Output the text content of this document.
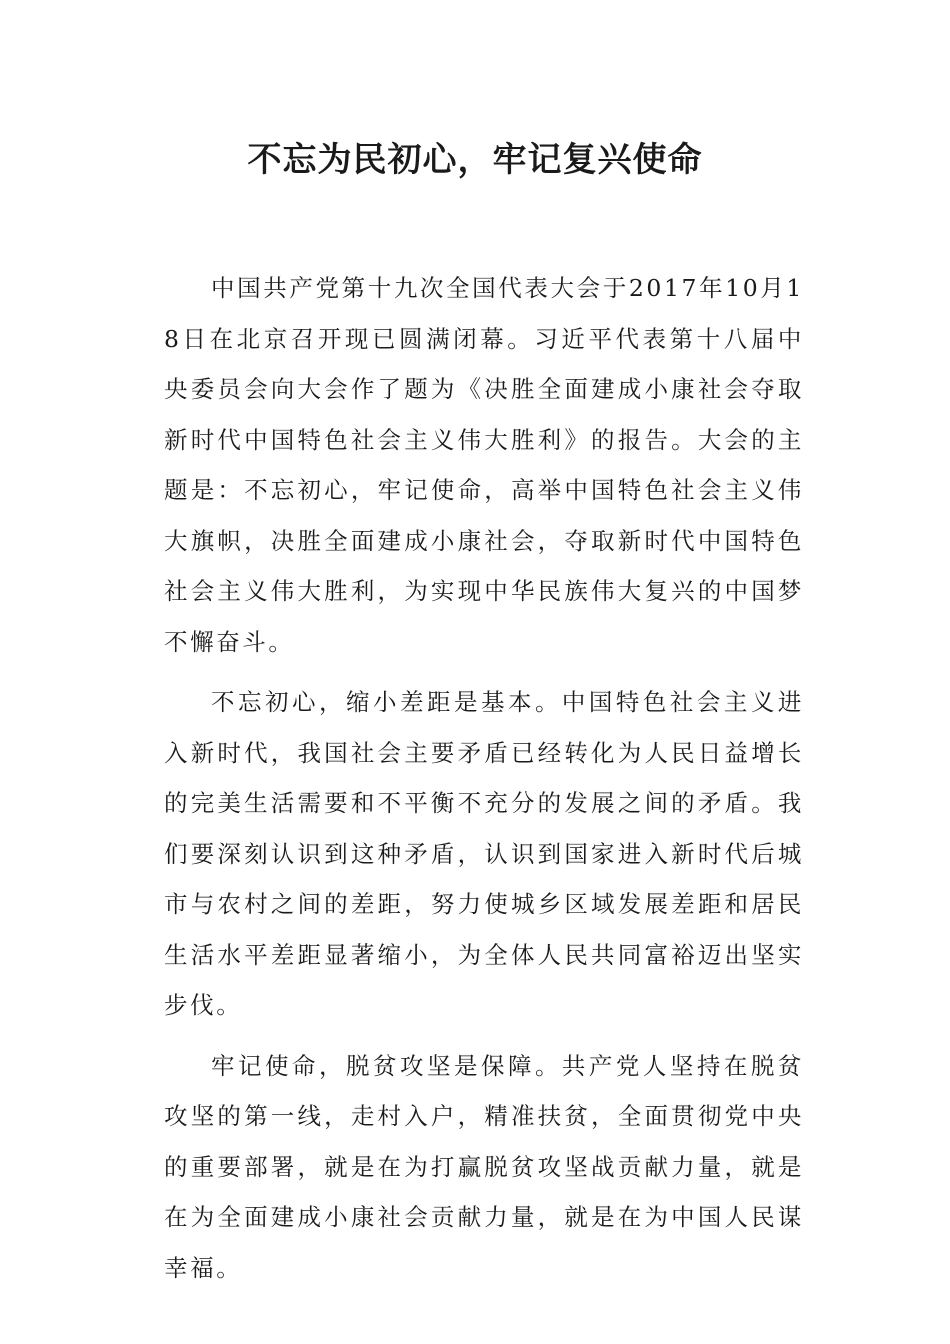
不忘为民初心，牢记复兴使命

中国共产党第十九次全国代表大会于2017年10月18日在北京召开现已圆满闭幕。习近平代表第十八届中央委员会向大会作了题为《决胜全面建成小康社会夺取新时代中国特色社会主义伟大胜利》的报告。大会的主题是：不忘初心，牢记使命，高举中国特色社会主义伟大旗帜，决胜全面建成小康社会，夺取新时代中国特色社会主义伟大胜利，为实现中华民族伟大复兴的中国梦不懈奋斗。

不忘初心，缩小差距是基本。中国特色社会主义进入新时代，我国社会主要矛盾已经转化为人民日益增长的完美生活需要和不平衡不充分的发展之间的矛盾。我们要深刻认识到这种矛盾，认识到国家进入新时代后城市与农村之间的差距，努力使城乡区域发展差距和居民生活水平差距显著缩小，为全体人民共同富裕迈出坚实步伐。

牢记使命，脱贫攻坚是保障。共产党人坚持在脱贫攻坚的第一线，走村入户，精准扶贫，全面贯彻党中央的重要部署，就是在为打赢脱贫攻坚战贡献力量，就是在为全面建成小康社会贡献力量，就是在为中国人民谋幸福。
